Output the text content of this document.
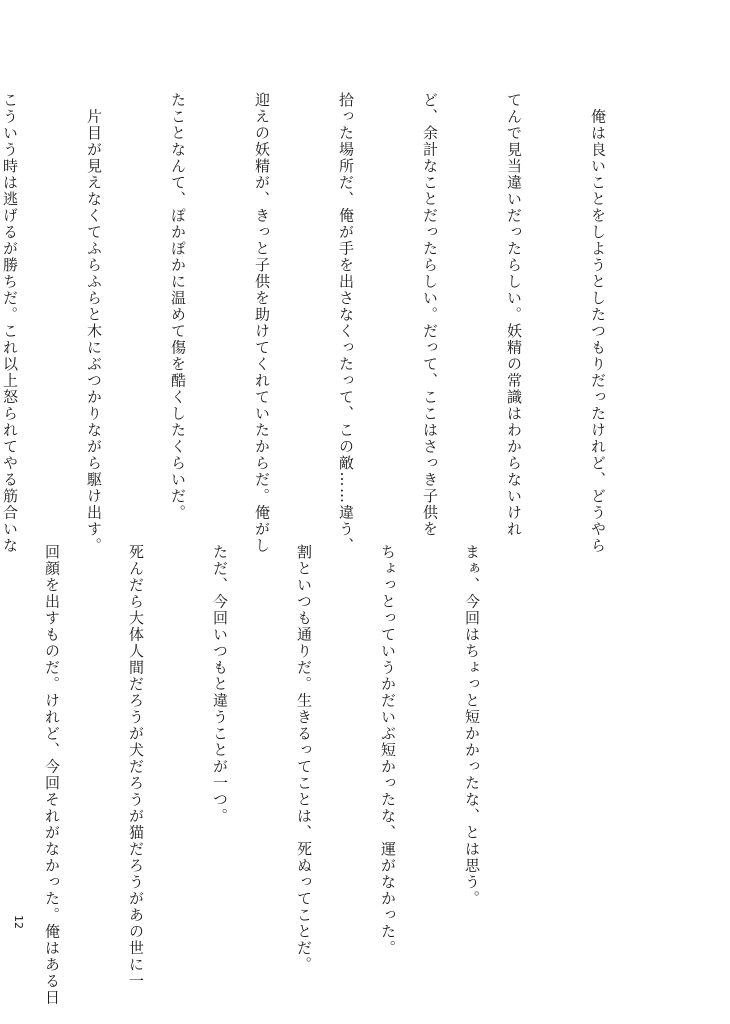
　俺は良いことをしようとしたつもりだったけれど、どうやら

てんで見当違いだったらしい。妖精の常識はわからないけれ

ど、余計なことだったらしい。だって、ここはさっき子供を

拾った場所だ、俺が手を出さなくったって、この敵……違う、

迎えの妖精が、きっと子供を助けてくれていたからだ。俺がし

たことなんて、ぽかぽかに温めて傷を酷くしたくらいだ。

　片目が見えなくてふらふらと木にぶつかりながら駆け出す。

こういう時は逃げるが勝ちだ。これ以上怒られてやる筋合いな

まぁ、今回はちょっと短かかったな、とは思う。

ちょっとっていうかだいぶ短かったな、運がなかった。

割といつも通りだ。生きるってことは、死ぬってことだ。

ただ、今回いつもと違うことが一つ。

死んだら大体人間だろうが犬だろうが猫だろうがあの世に一

回顔を出すものだ。けれど、今回それがなかった。俺はある日

12
